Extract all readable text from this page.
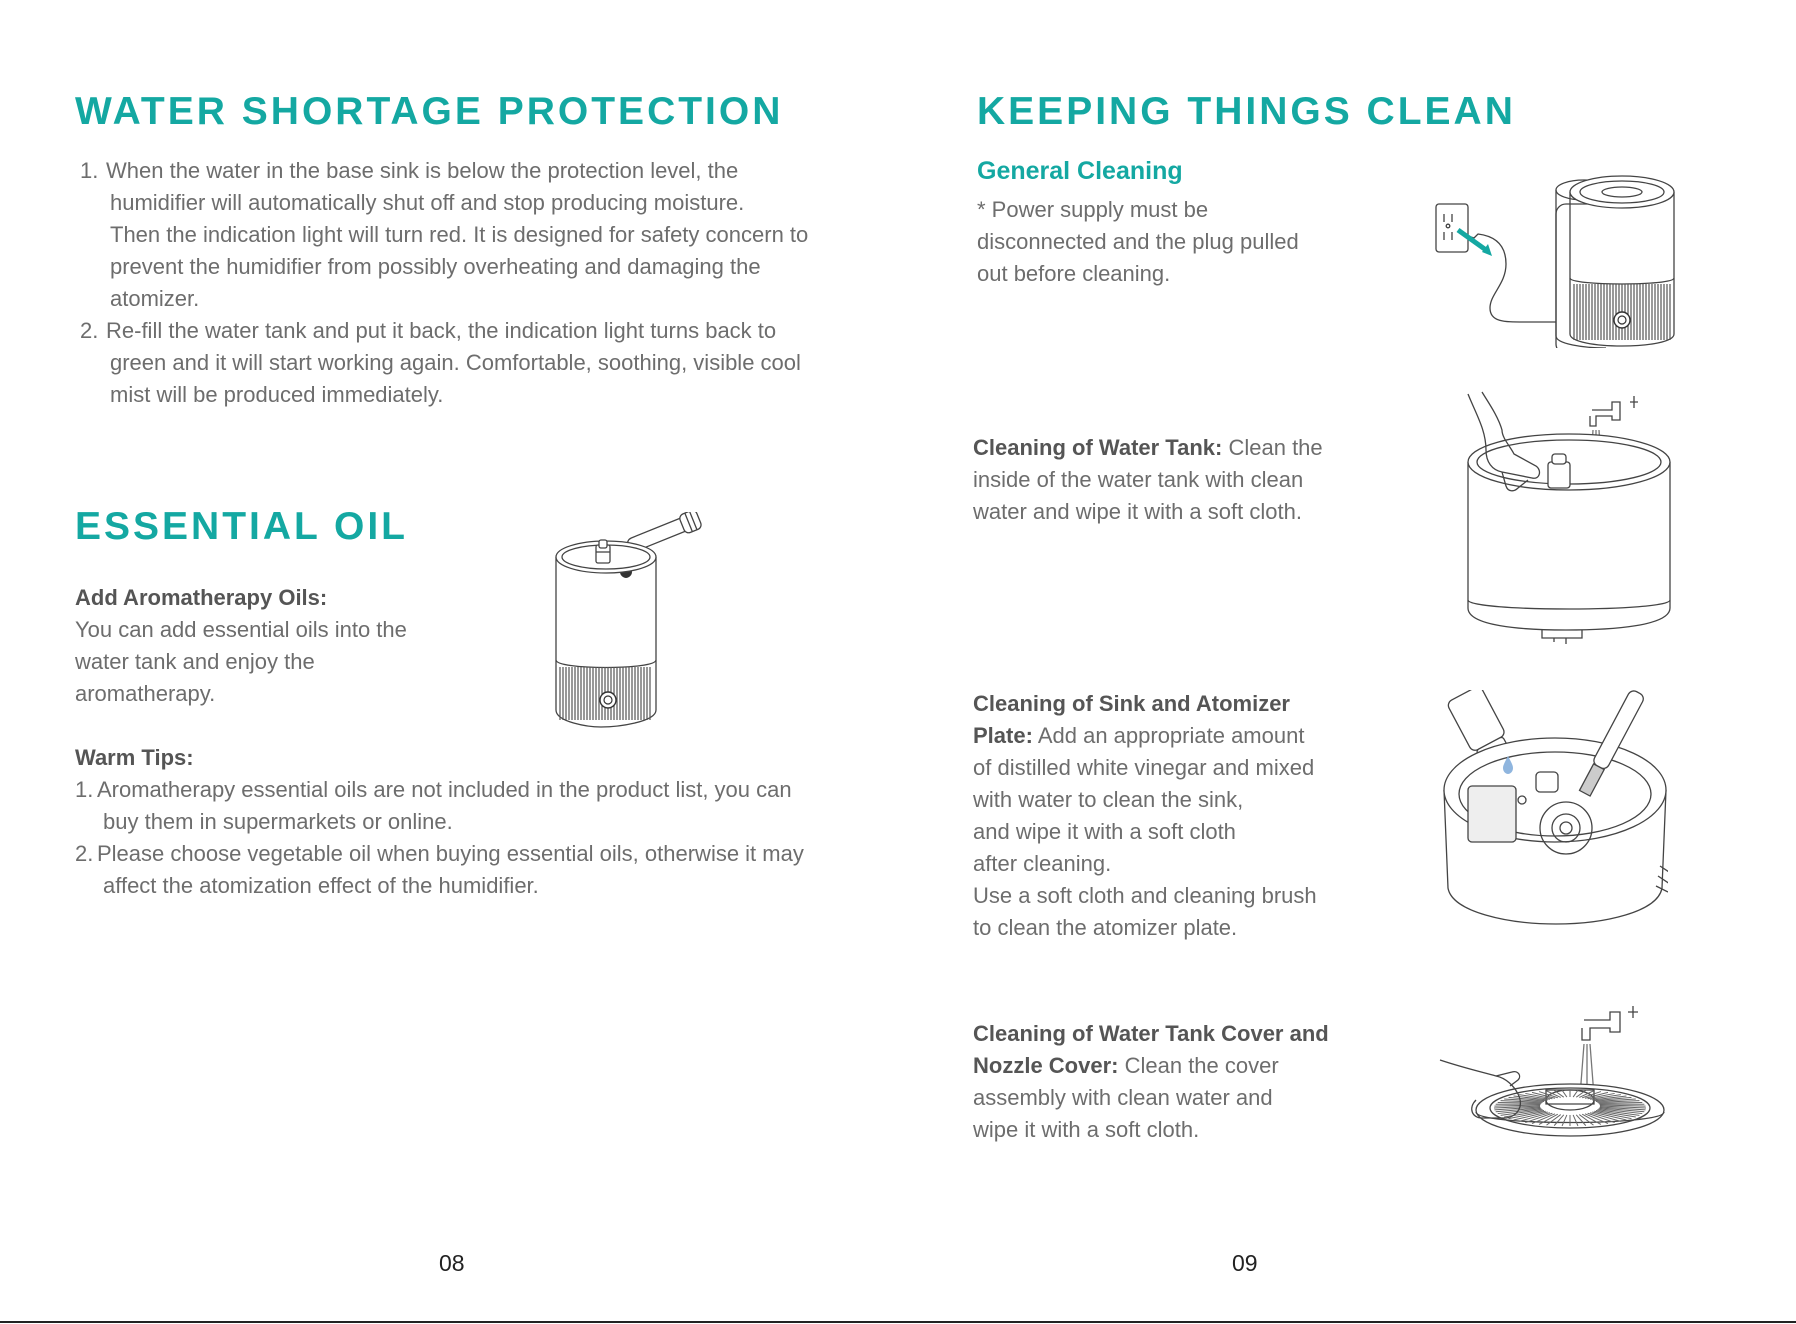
WATER SHORTAGE PROTECTION
1. When the water in the base sink is below the protection level, the
humidifier will automatically shut off and stop producing moisture.
Then the indication light will turn red. It is designed for safety concern to
prevent the humidifier from possibly overheating and damaging the
atomizer.
2. Re-fill the water tank and put it back, the indication light turns back to
green and it will start working again. Comfortable, soothing, visible cool
mist will be produced immediately.
ESSENTIAL OIL

Add Aromatherapy Oils:

You can add essential oils into the

water tank and enjoy the

aromatherapy.

Warm Tips:

1. Aromatherapy essential oils are not included in the product list, you can
buy them in supermarkets or online.
2. Please choose vegetable oil when buying essential oils, otherwise it may
affect the atomization effect of the humidifier.
08
KEEPING THINGS CLEAN

General Cleaning

* Power supply must be

disconnected and the plug pulled

out before cleaning.

Cleaning of Water Tank: Clean the

inside of the water tank with clean

water and wipe it with a soft cloth.

Cleaning of Sink and Atomizer

Plate: Add an appropriate amount

of distilled white vinegar and mixed

with water to clean the sink,

and wipe it with a soft cloth

after cleaning.

Use a soft cloth and cleaning brush

to clean the atomizer plate.

Cleaning of Water Tank Cover and

Nozzle Cover: Clean the cover

assembly with clean water and

wipe it with a soft cloth.

09
